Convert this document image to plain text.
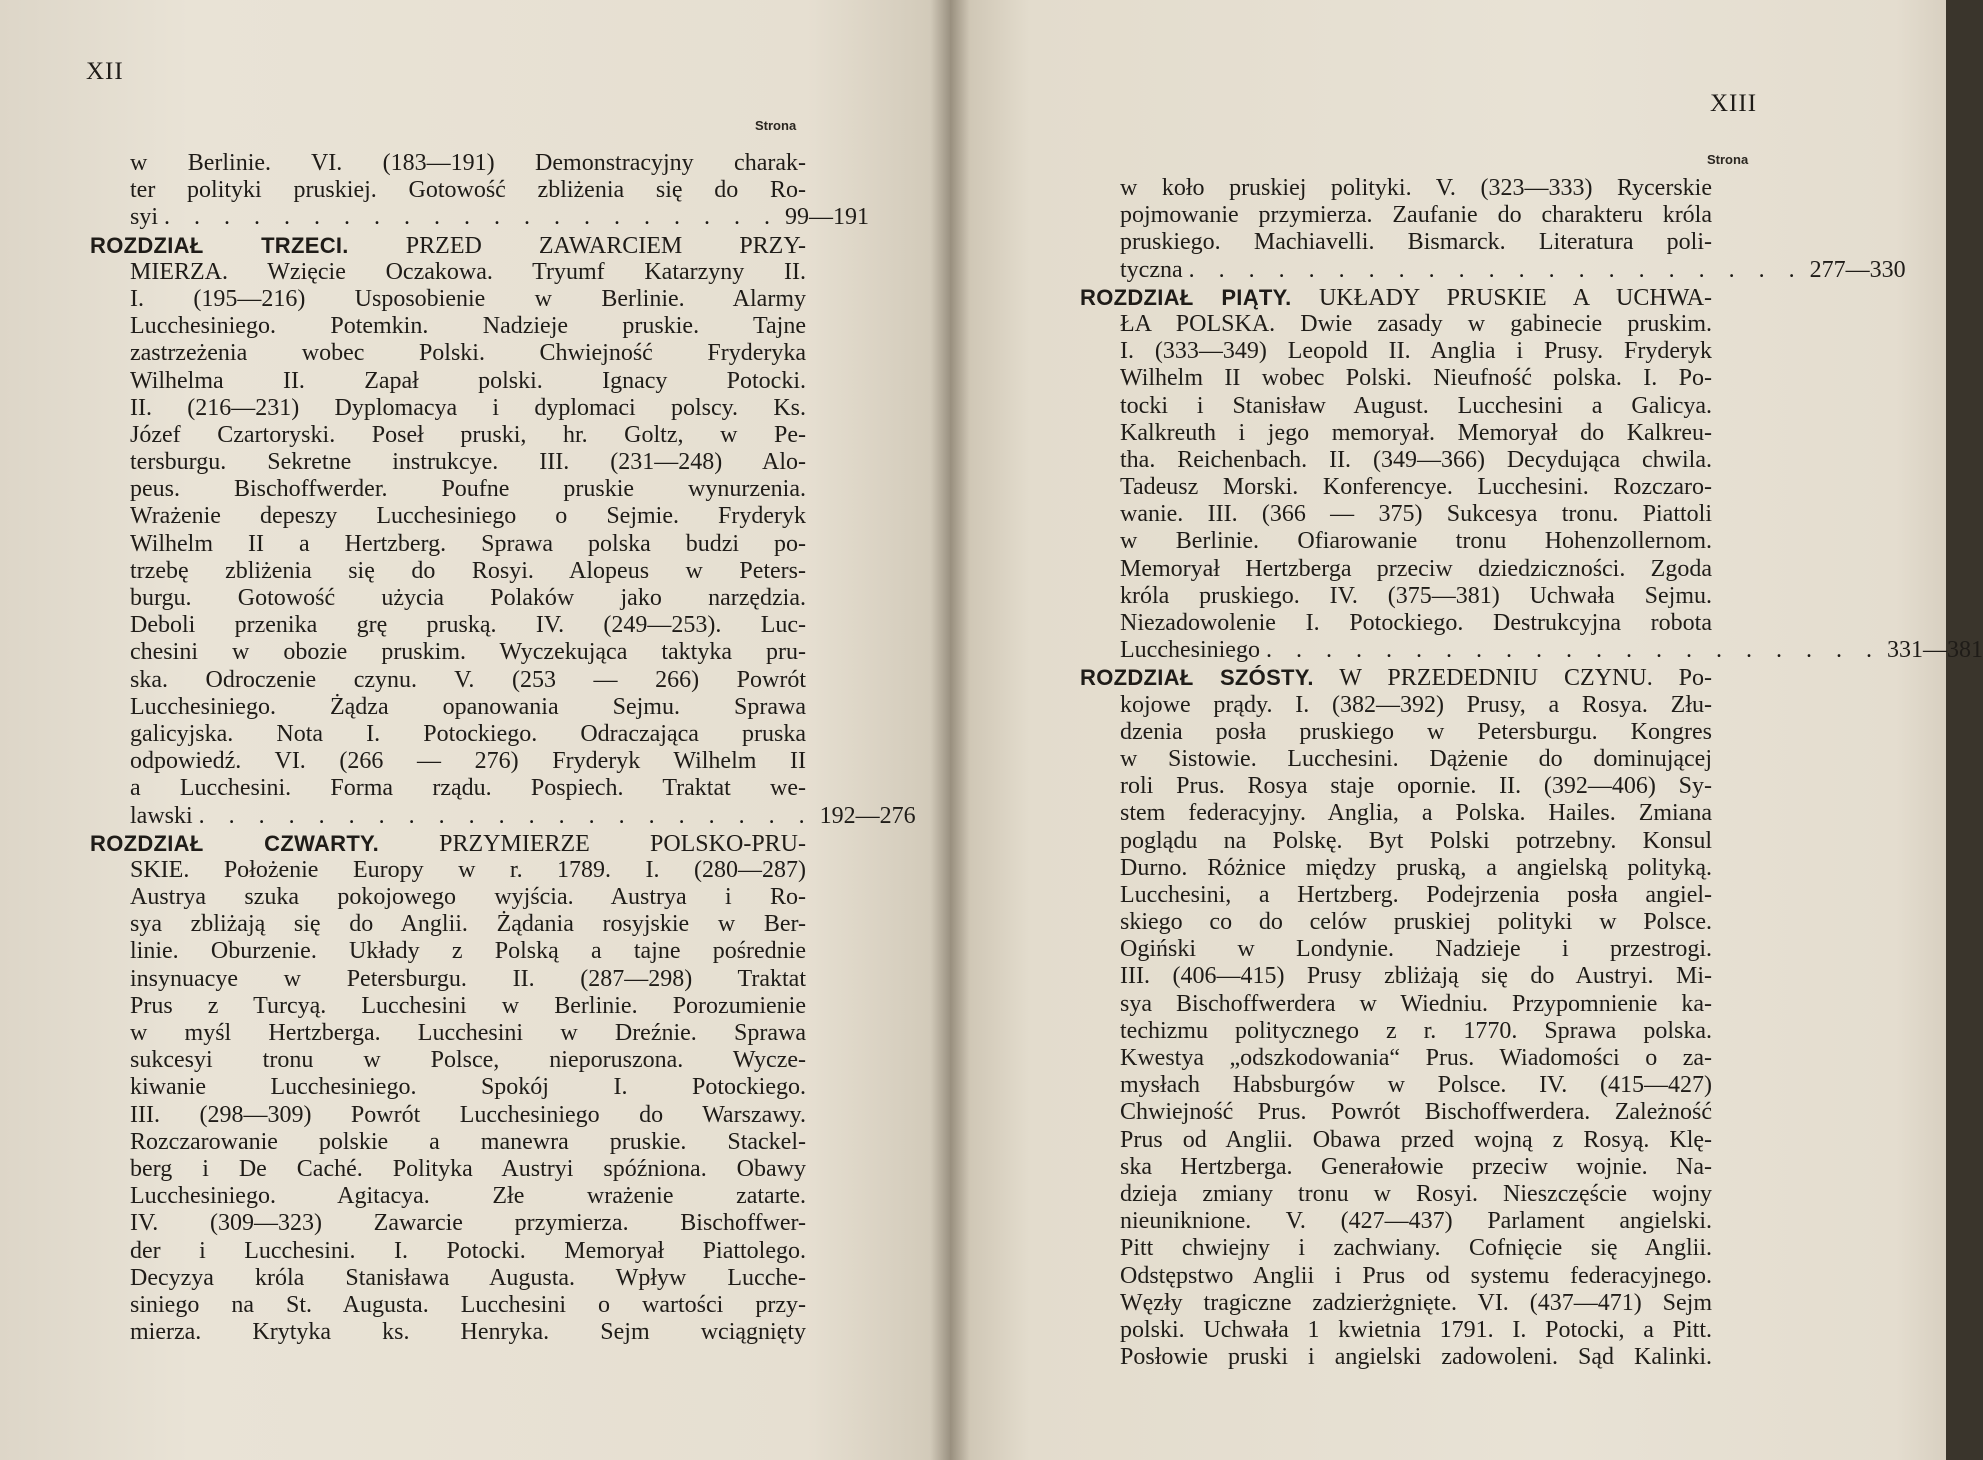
XII
Strona
w Berlinie. VI. (183—191) Demonstracyjny charak-
ter polityki pruskiej. Gotowość zbliżenia się do Ro-
syi . . . . . . . . . . . . . . . . . . . . . 99—191
ROZDZIAŁ TRZECI. PRZED ZAWARCIEM PRZY-
MIERZA. Wzięcie Oczakowa. Tryumf Katarzyny II.
I. (195—216) Usposobienie w Berlinie. Alarmy
Lucchesiniego. Potemkin. Nadzieje pruskie. Tajne
zastrzeżenia wobec Polski. Chwiejność Fryderyka
Wilhelma II. Zapał polski. Ignacy Potocki.
II. (216—231) Dyplomacya i dyplomaci polscy. Ks.
Józef Czartoryski. Poseł pruski, hr. Goltz, w Pe-
tersburgu. Sekretne instrukcye. III. (231—248) Alo-
peus. Bischoffwerder. Poufne pruskie wynurzenia.
Wrażenie depeszy Lucchesiniego o Sejmie. Fryderyk
Wilhelm II a Hertzberg. Sprawa polska budzi po-
trzebę zbliżenia się do Rosyi. Alopeus w Peters-
burgu. Gotowość użycia Polaków jako narzędzia.
Deboli przenika grę pruską. IV. (249—253). Luc-
chesini w obozie pruskim. Wyczekująca taktyka pru-
ska. Odroczenie czynu. V. (253 — 266) Powrót
Lucchesiniego. Żądza opanowania Sejmu. Sprawa
galicyjska. Nota I. Potockiego. Odraczająca pruska
odpowiedź. VI. (266 — 276) Fryderyk Wilhelm II
a Lucchesini. Forma rządu. Pospiech. Traktat we-
lawski . . . . . . . . . . . . . . . . . . . . . 192—276
ROZDZIAŁ CZWARTY.	PRZYMIERZE POLSKO-PRU-
SKIE. Położenie Europy w r. 1789. I. (280—287)
Austrya szuka pokojowego wyjścia. Austrya i Ro-
sya zbliżają się do Anglii. Żądania rosyjskie w Ber-
linie. Oburzenie. Układy z Polską a tajne pośrednie
insynuacye w Petersburgu. II. (287—298) Traktat
Prus z Turcyą. Lucchesini w Berlinie. Porozumienie
w myśl Hertzberga. Lucchesini w Dreźnie. Sprawa
sukcesyi tronu w Polsce, nieporuszona. Wycze-
kiwanie Lucchesiniego. Spokój I. Potockiego.
III. (298—309) Powrót Lucchesiniego do Warszawy.
Rozczarowanie polskie a manewra pruskie. Stackel-
berg i De Caché. Polityka Austryi spóźniona. Obawy
Lucchesiniego. Agitacya. Złe wrażenie zatarte.
IV. (309—323) Zawarcie przymierza. Bischoffwer-
der i Lucchesini. I. Potocki. Memoryał Piattolego.
Decyzya króla Stanisława Augusta. Wpływ Lucche-
siniego na St. Augusta. Lucchesini o wartości przy-
mierza. Krytyka ks. Henryka. Sejm wciągnięty
XIII
Strona
w koło pruskiej polityki. V. (323—333) Rycerskie
pojmowanie przymierza. Zaufanie do charakteru króla
pruskiego. Machiavelli. Bismarck. Literatura poli-
tyczna . . . . . . . . . . . . . . . . . . . . . 277—330
ROZDZIAŁ PIĄTY. UKŁADY PRUSKIE A UCHWA-
ŁA POLSKA. Dwie zasady w gabinecie pruskim.
I. (333—349) Leopold II. Anglia i Prusy. Fryderyk
Wilhelm II wobec Polski. Nieufność polska. I. Po-
tocki i Stanisław August. Lucchesini a Galicya.
Kalkreuth i jego memoryał. Memoryał do Kalkreu-
tha. Reichenbach. II. (349—366) Decydująca chwila.
Tadeusz Morski. Konferencye. Lucchesini. Rozczaro-
wanie. III. (366 — 375) Sukcesya tronu. Piattoli
w Berlinie. Ofiarowanie tronu Hohenzollernom.
Memoryał Hertzberga przeciw dziedziczności. Zgoda
króla pruskiego. IV. (375—381) Uchwała Sejmu.
Niezadowolenie I. Potockiego. Destrukcyjna robota
Lucchesiniego . . . . . . . . . . . . . . . . . . . . . 331—381
ROZDZIAŁ SZÓSTY. W PRZEDEDNIU CZYNU. Po-
kojowe prądy. I. (382—392) Prusy, a Rosya. Złu-
dzenia posła pruskiego w Petersburgu. Kongres
w Sistowie. Lucchesini. Dążenie do dominującej
roli Prus. Rosya staje opornie. II. (392—406) Sy-
stem federacyjny. Anglia, a Polska. Hailes. Zmiana
poglądu na Polskę. Byt Polski potrzebny. Konsul
Durno. Różnice między pruską, a angielską polityką.
Lucchesini, a Hertzberg. Podejrzenia posła angiel-
skiego co do celów pruskiej polityki w Polsce.
Ogiński w Londynie. Nadzieje i przestrogi.
III. (406—415) Prusy zbliżają się do Austryi. Mi-
sya Bischoffwerdera w Wiedniu. Przypomnienie ka-
techizmu politycznego z r. 1770. Sprawa polska.
Kwestya „odszkodowania“ Prus. Wiadomości o za-
mysłach Habsburgów w Polsce. IV. (415—427)
Chwiejność Prus. Powrót Bischoffwerdera. Zależność
Prus od Anglii. Obawa przed wojną z Rosyą. Klę-
ska Hertzberga. Generałowie przeciw wojnie. Na-
dzieja zmiany tronu w Rosyi. Nieszczęście wojny
nieuniknione. V. (427—437) Parlament angielski.
Pitt chwiejny i zachwiany. Cofnięcie się Anglii.
Odstępstwo Anglii i Prus od systemu federacyjnego.
Węzły tragiczne zadzierżgnięte. VI. (437—471) Sejm
polski. Uchwała 1 kwietnia 1791. I. Potocki, a Pitt.
Posłowie pruski i angielski zadowoleni. Sąd Kalinki.
